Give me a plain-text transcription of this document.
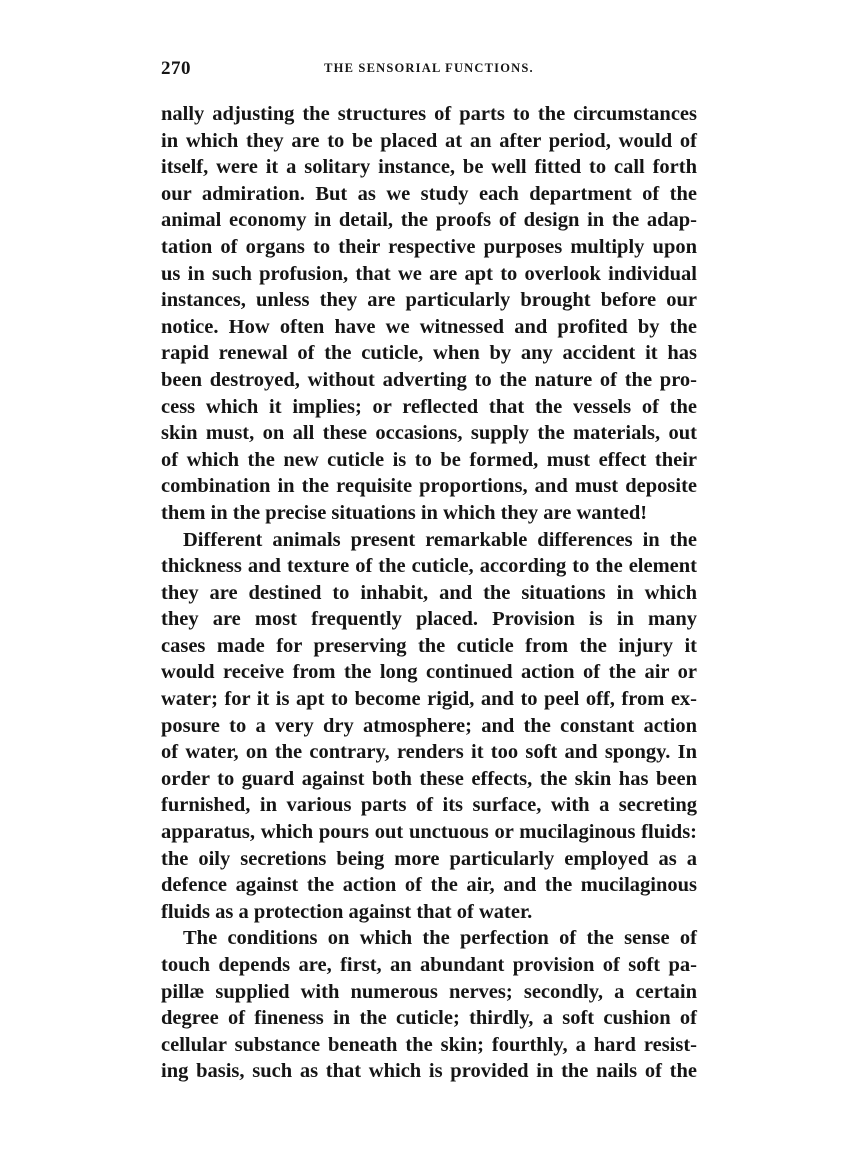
270	THE SENSORIAL FUNCTIONS.
nally adjusting the structures of parts to the circumstances
in which they are to be placed at an after period, would of
itself, were it a solitary instance, be well fitted to call forth
our admiration. But as we study each department of the
animal economy in detail, the proofs of design in the adap-
tation of organs to their respective purposes multiply upon
us in such profusion, that we are apt to overlook individual
instances, unless they are particularly brought before our
notice. How often have we witnessed and profited by the
rapid renewal of the cuticle, when by any accident it has
been destroyed, without adverting to the nature of the pro-
cess which it implies; or reflected that the vessels of the
skin must, on all these occasions, supply the materials, out
of which the new cuticle is to be formed, must effect their
combination in the requisite proportions, and must deposite
them in the precise situations in which they are wanted!
Different animals present remarkable differences in the
thickness and texture of the cuticle, according to the element
they are destined to inhabit, and the situations in which
they are most frequently placed. Provision is in many
cases made for preserving the cuticle from the injury it
would receive from the long continued action of the air or
water; for it is apt to become rigid, and to peel off, from ex-
posure to a very dry atmosphere; and the constant action
of water, on the contrary, renders it too soft and spongy. In
order to guard against both these effects, the skin has been
furnished, in various parts of its surface, with a secreting
apparatus, which pours out unctuous or mucilaginous fluids:
the oily secretions being more particularly employed as a
defence against the action of the air, and the mucilaginous
fluids as a protection against that of water.
The conditions on which the perfection of the sense of
touch depends are, first, an abundant provision of soft pa-
pillæ supplied with numerous nerves; secondly, a certain
degree of fineness in the cuticle; thirdly, a soft cushion of
cellular substance beneath the skin; fourthly, a hard resist-
ing basis, such as that which is provided in the nails of the
